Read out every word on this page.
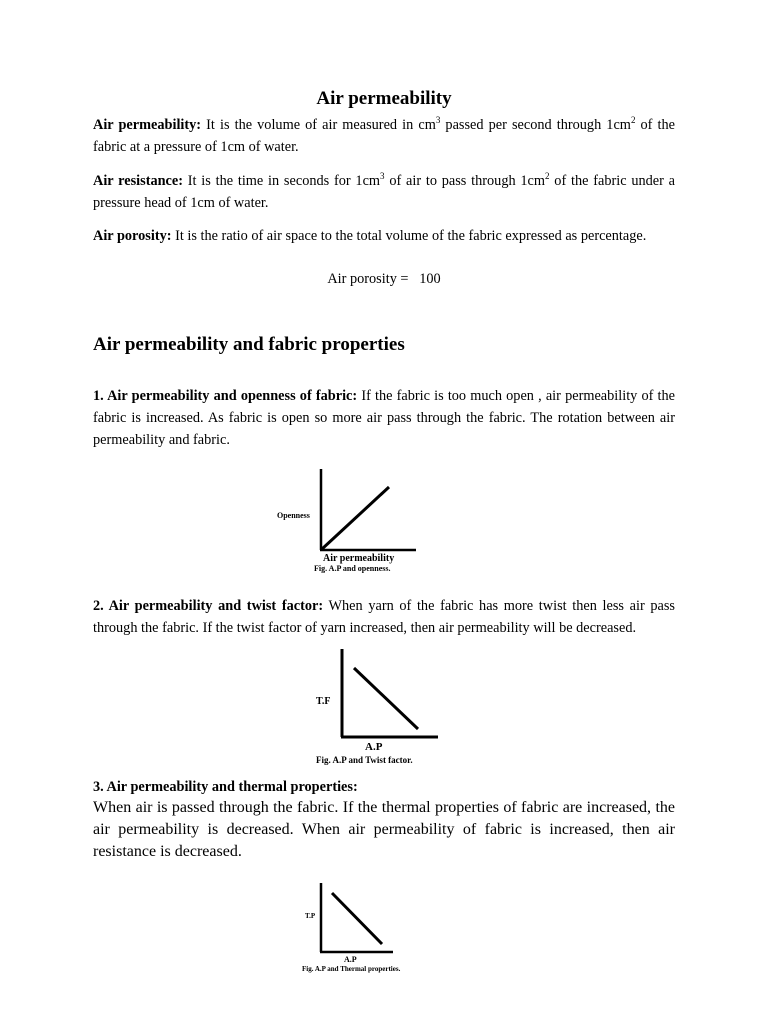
Air permeability
Air permeability: It is the volume of air measured in $cm^3$ passed per second through $1cm^2$ of the fabric at a pressure of 1cm of water.
Air resistance: It is the time in seconds for $1cm^3$ of air to pass through $1cm^2$ of the fabric under a pressure head of 1cm of water.
Air porosity: It is the ratio of air space to the total volume of the fabric expressed as percentage.
Air porosity =   100
Air permeability and fabric properties
1. Air permeability and openness of fabric: If the fabric is too much open , air permeability of the fabric is increased. As fabric is open so more air pass through the fabric. The rotation between air permeability and fabric.
Openness
Air permeability
Fig. A.P and openness.
2. Air permeability and twist factor: When yarn of the fabric has more twist then less air pass through the fabric. If the twist factor of yarn increased, then air permeability will be decreased.
T.F
A.P
Fig. A.P and Twist factor.
3. Air permeability and thermal properties:
When air is passed through the fabric. If the thermal properties of fabric are increased, the air permeability is decreased. When air permeability of fabric is increased, then air resistance is decreased.
T.P
A.P
Fig. A.P and Thermal properties.
